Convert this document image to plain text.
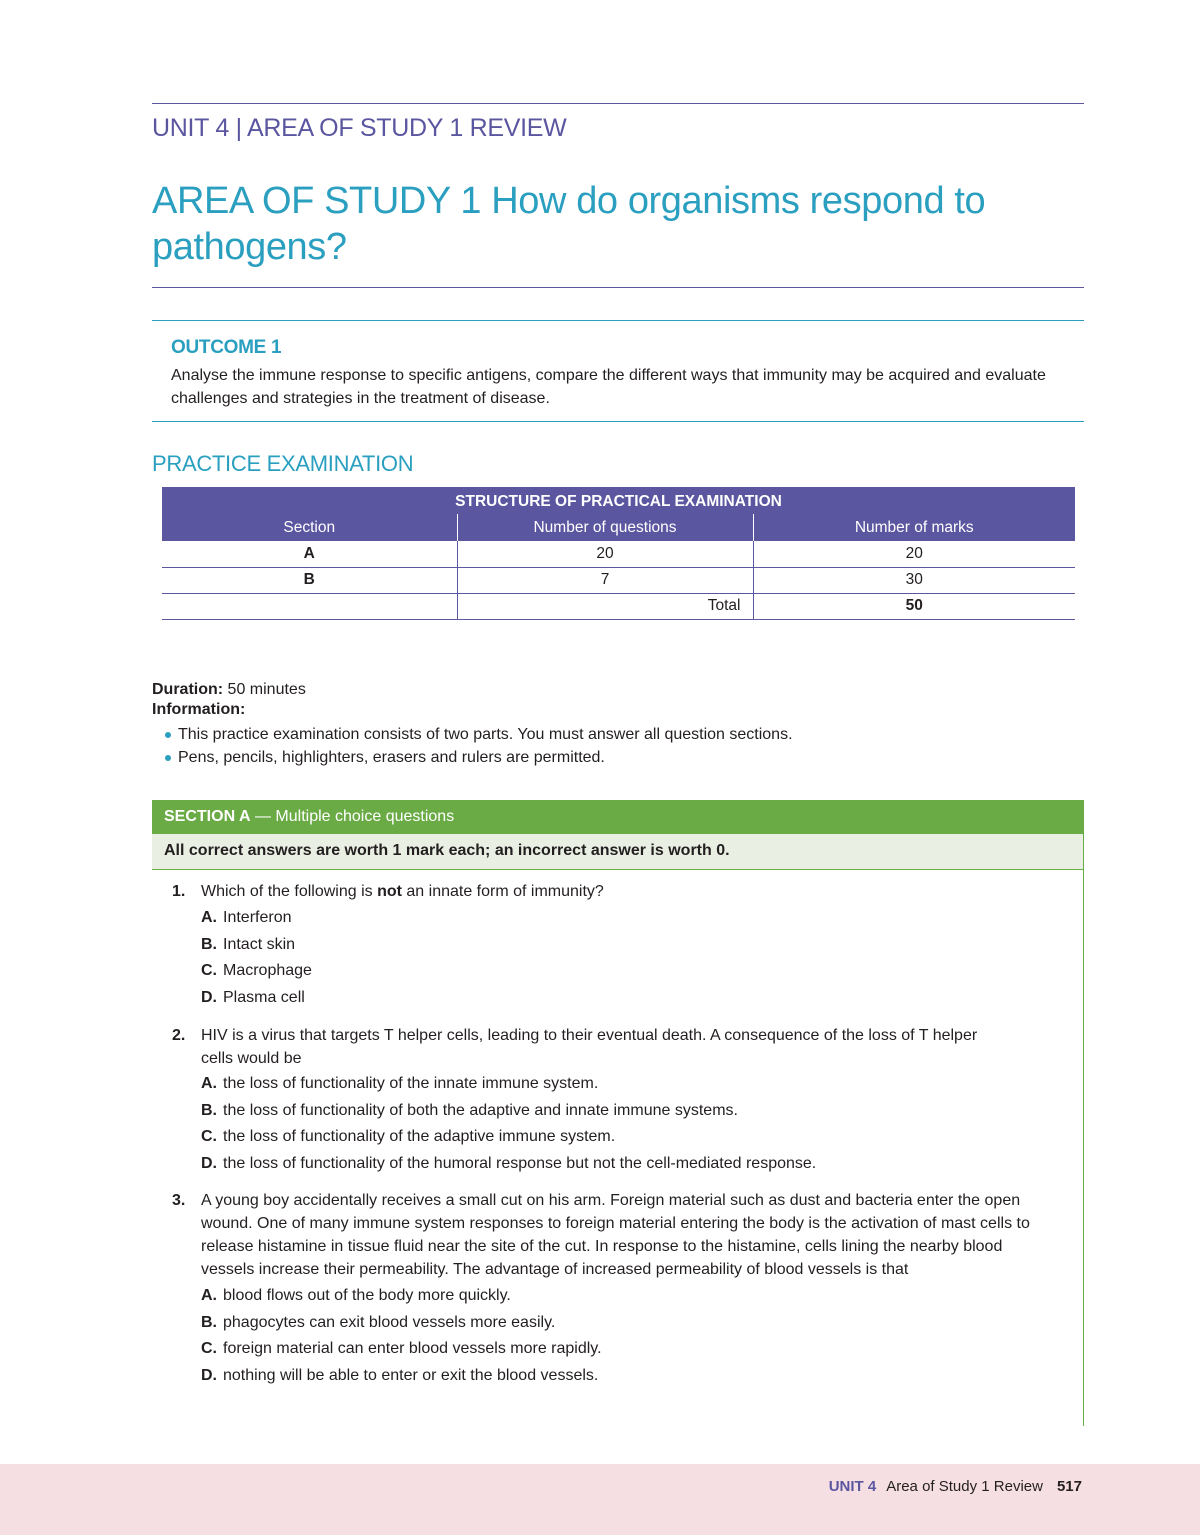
UNIT 4 | AREA OF STUDY 1 REVIEW
AREA OF STUDY 1 How do organisms respond to pathogens?
OUTCOME 1
Analyse the immune response to specific antigens, compare the different ways that immunity may be acquired and evaluate challenges and strategies in the treatment of disease.
PRACTICE EXAMINATION
STRUCTURE OF PRACTICAL EXAMINATION		
Section	Number of questions	Number of marks
A	20	20
B	7	30
	Total	50
Duration: 50 minutes
Information:
This practice examination consists of two parts. You must answer all question sections.
Pens, pencils, highlighters, erasers and rulers are permitted.
SECTION A — Multiple choice questions
All correct answers are worth 1 mark each; an incorrect answer is worth 0.
1. Which of the following is not an innate form of immunity?
A. Interferon
B. Intact skin
C. Macrophage
D. Plasma cell
2. HIV is a virus that targets T helper cells, leading to their eventual death. A consequence of the loss of T helper cells would be
A. the loss of functionality of the innate immune system.
B. the loss of functionality of both the adaptive and innate immune systems.
C. the loss of functionality of the adaptive immune system.
D. the loss of functionality of the humoral response but not the cell-mediated response.
3. A young boy accidentally receives a small cut on his arm. Foreign material such as dust and bacteria enter the open wound. One of many immune system responses to foreign material entering the body is the activation of mast cells to release histamine in tissue fluid near the site of the cut. In response to the histamine, cells lining the nearby blood vessels increase their permeability. The advantage of increased permeability of blood vessels is that
A. blood flows out of the body more quickly.
B. phagocytes can exit blood vessels more easily.
C. foreign material can enter blood vessels more rapidly.
D. nothing will be able to enter or exit the blood vessels.
UNIT 4 Area of Study 1 Review 517
